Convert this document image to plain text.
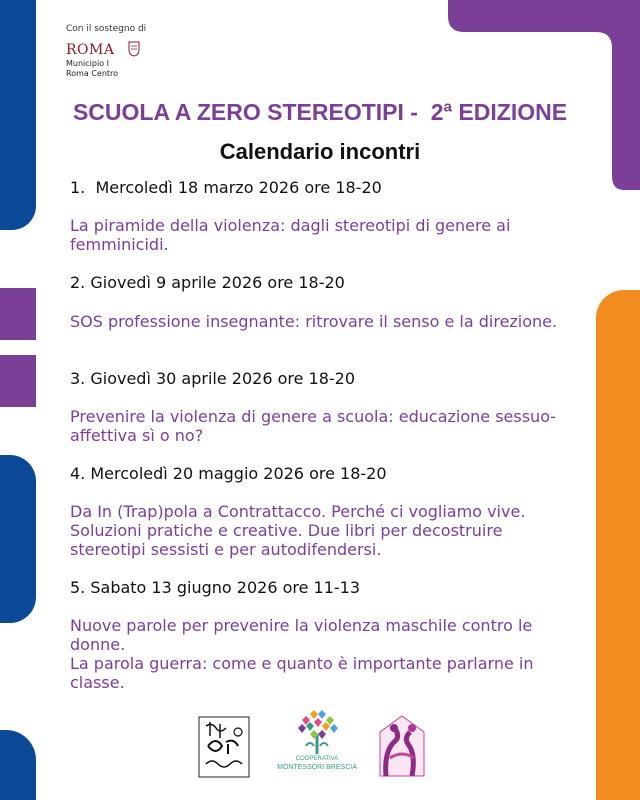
Con il sostegno di
ROMA
Municipio I
Roma Centro
SCUOLA A ZERO STEREOTIPI -  2ª EDIZIONE
Calendario incontri
1.  Mercoledì 18 marzo 2026 ore 18-20
La piramide della violenza: dagli stereotipi di genere ai femminicidi.
2. Giovedì 9 aprile 2026 ore 18-20
SOS professione insegnante: ritrovare il senso e la direzione.
3. Giovedì 30 aprile 2026 ore 18-20
Prevenire la violenza di genere a scuola: educazione sessuo-affettiva sì o no?
4. Mercoledì 20 maggio 2026 ore 18-20
Da In (Trap)pola a Contrattacco. Perché ci vogliamo vive. Soluzioni pratiche e creative. Due libri per decostruire stereotipi sessisti e per autodifendersi.
5. Sabato 13 giugno 2026 ore 11-13
Nuove parole per prevenire la violenza maschile contro le donne.
La parola guerra: come e quanto è importante parlarne in classe.
COOPERATIVA
MONTESSORI BRESCIA
